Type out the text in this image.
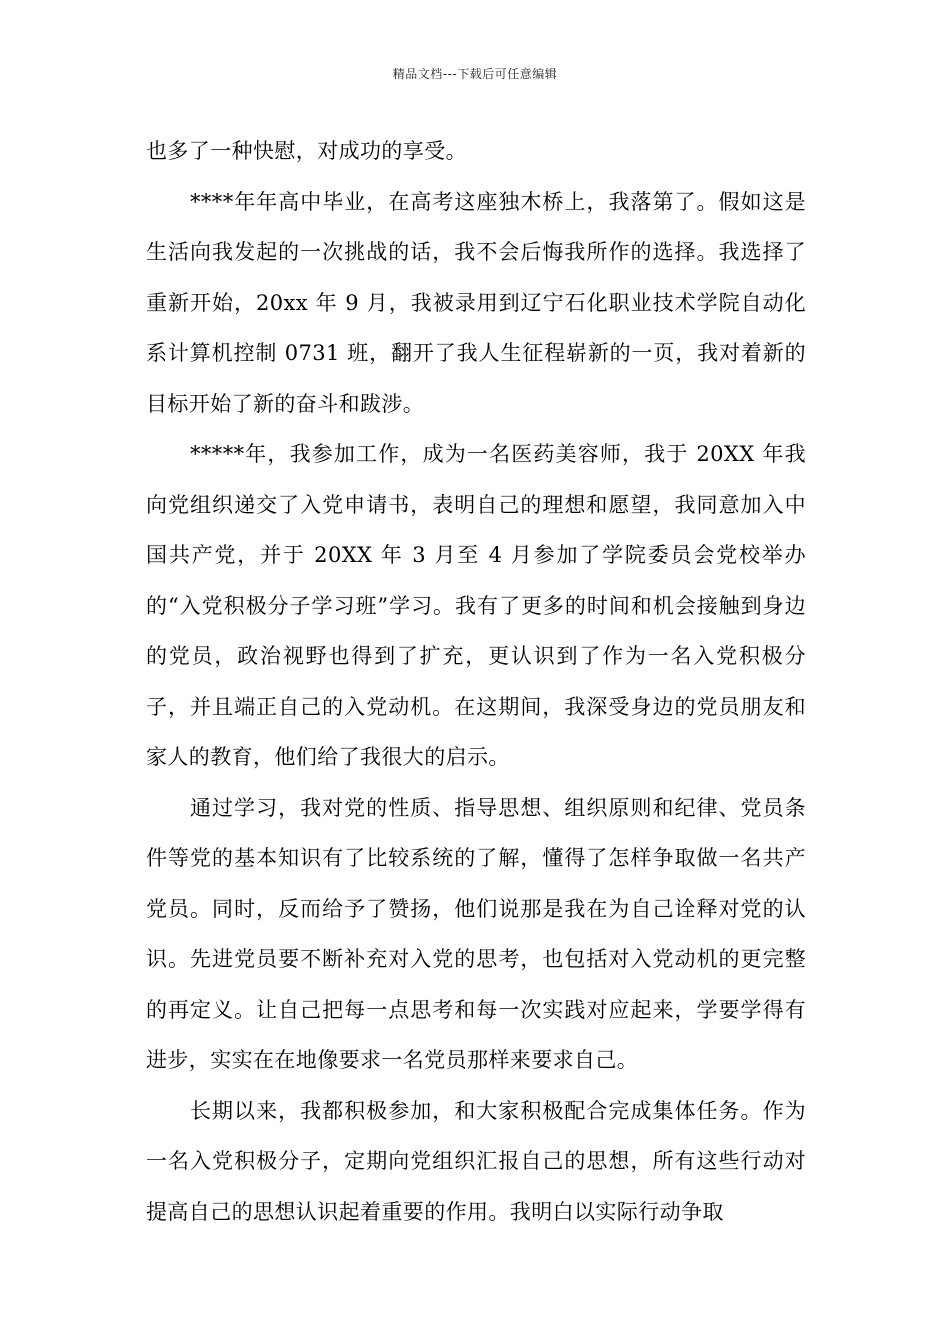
精品文档---下载后可任意编辑

也多了一种快慰，对成功的享受。

****年年高中毕业，在高考这座独木桥上，我落第了。假如这是生活向我发起的一次挑战的话，我不会后悔我所作的选择。我选择了重新开始，20xx 年 9 月，我被录用到辽宁石化职业技术学院自动化系计算机控制 0731 班，翻开了我人生征程崭新的一页，我对着新的目标开始了新的奋斗和跋涉。

*****年，我参加工作，成为一名医药美容师，我于 20XX 年我向党组织递交了入党申请书，表明自己的理想和愿望，我同意加入中国共产党，并于 20XX 年 3 月至 4 月参加了学院委员会党校举办的“入党积极分子学习班”学习。我有了更多的时间和机会接触到身边的党员，政治视野也得到了扩充，更认识到了作为一名入党积极分子，并且端正自己的入党动机。在这期间，我深受身边的党员朋友和家人的教育，他们给了我很大的启示。

通过学习，我对党的性质、指导思想、组织原则和纪律、党员条件等党的基本知识有了比较系统的了解，懂得了怎样争取做一名共产党员。同时，反而给予了赞扬，他们说那是我在为自己诠释对党的认识。先进党员要不断补充对入党的思考，也包括对入党动机的更完整的再定义。让自己把每一点思考和每一次实践对应起来，学要学得有进步，实实在在地像要求一名党员那样来要求自己。

长期以来，我都积极参加，和大家积极配合完成集体任务。作为一名入党积极分子，定期向党组织汇报自己的思想，所有这些行动对提高自己的思想认识起着重要的作用。我明白以实际行动争取
